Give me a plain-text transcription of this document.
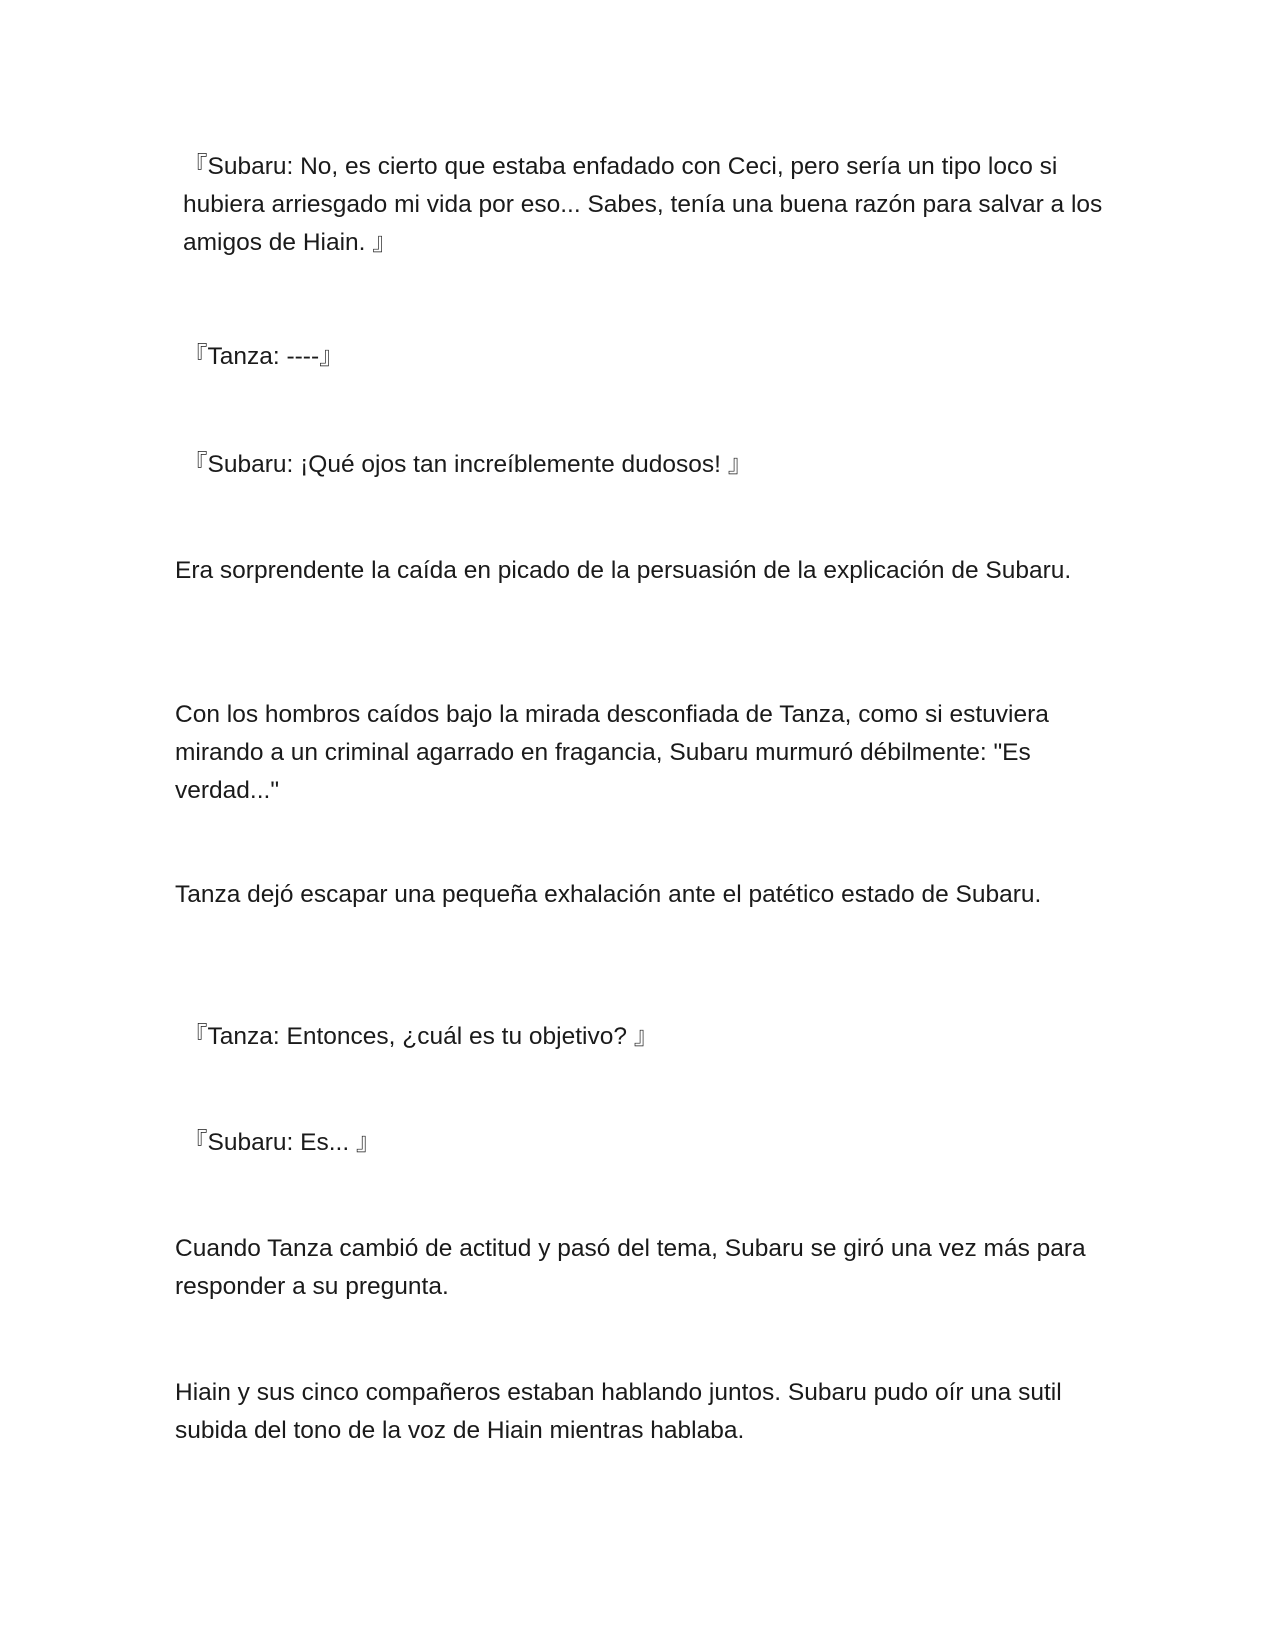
『Subaru: No, es cierto que estaba enfadado con Ceci, pero sería un tipo loco si hubiera arriesgado mi vida por eso... Sabes, tenía una buena razón para salvar a los amigos de Hiain. 』

『Tanza: ----』

『Subaru: ¡Qué ojos tan increíblemente dudosos! 』

Era sorprendente la caída en picado de la persuasión de la explicación de Subaru.

Con los hombros caídos bajo la mirada desconfiada de Tanza, como si estuviera mirando a un criminal agarrado en fragancia, Subaru murmuró débilmente: "Es verdad..."

Tanza dejó escapar una pequeña exhalación ante el patético estado de Subaru.

『Tanza: Entonces, ¿cuál es tu objetivo? 』

『Subaru: Es... 』

Cuando Tanza cambió de actitud y pasó del tema, Subaru se giró una vez más para responder a su pregunta.

Hiain y sus cinco compañeros estaban hablando juntos. Subaru pudo oír una sutil subida del tono de la voz de Hiain mientras hablaba.
